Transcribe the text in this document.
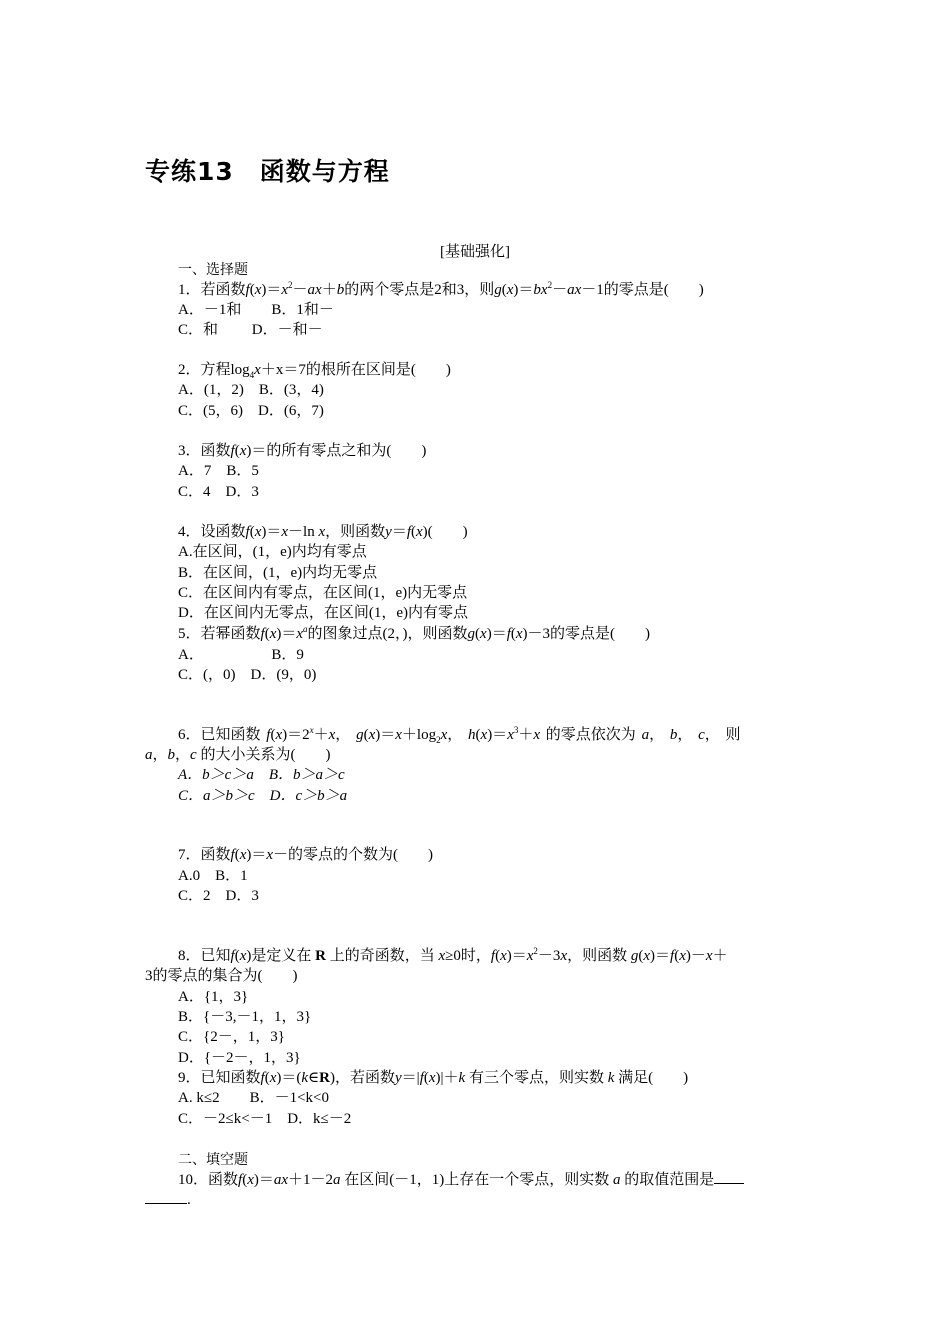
专练13　函数与方程
[基础强化]
一、选择题
1．若函数$f(x)=x^2-ax+b$的两个零点是2和3，则$g(x)=bx^2-ax-1$的零点是(　　)
A．－1和　　B．1和－
C．和　　 D．－和－
2．方程$\log_4x+x=7$的根所在区间是(　　)
A．(1，2)　B．(3，4)
C．(5，6)　D．(6，7)
3．函数f(x)＝的所有零点之和为(　　)
A．7　B．5
C．4　D．3
4．设函数f(x)＝x－ln x，则函数y＝f(x)(　　)
A.在区间，(1，e)内均有零点
B．在区间，(1，e)内均无零点
C．在区间内有零点，在区间(1，e)内无零点
D．在区间内无零点，在区间(1，e)内有零点
5．若幂函数$f(x)=x^a$的图象过点(2，)，则函数g(x)＝f(x)－3的零点是(　　)
A．　　　　　B．9
C．(，0)　D．(9，0)
6．已知函数 $f(x)=2^x+x$， $g(x)=x+\log_2x$， $h(x)=x^3+x$ 的零点依次为 a， b， c， 则
a，b，c 的大小关系为(　　)
A．b＞c＞a　B．b＞a＞c
C．a＞b＞c　D．c＞b＞a
7．函数f(x)＝x－的零点的个数为(　　)
A.0　B．1
C．2　D．3
8．已知f(x)是定义在 R 上的奇函数，当 x≥0时，$f(x)=x^2-3x$，则函数 g(x)＝f(x)－x＋
3的零点的集合为(　　)
A．{1，3}
B．{－3,－1，1，3}
C．{2－，1，3}
D．{－2－，1，3}
9．已知函数f(x)＝(k∈R)，若函数y＝|f(x)|＋k 有三个零点，则实数 k 满足(　　)
A. k≤2　　B．－1<k<0
C．－2≤k<－1　D．k≤－2
二、填空题
10．函数f(x)＝ax＋1－2a 在区间(－1，1)上存在一个零点，则实数 a 的取值范围是
.
